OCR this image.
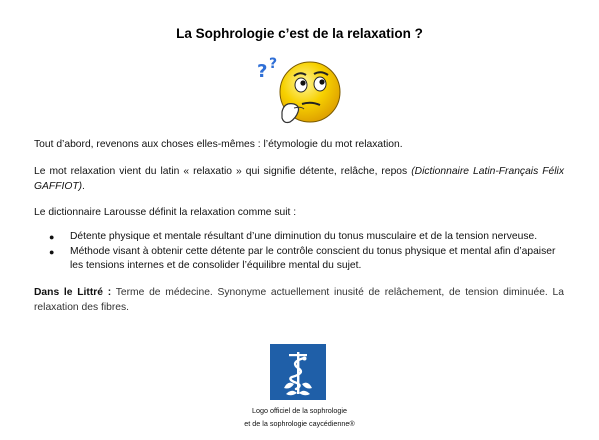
La Sophrologie c’est de la relaxation ?
? ?

Tout d’abord, revenons aux choses elles-mêmes : l’étymologie du mot relaxation.

Le mot relaxation vient du latin « relaxatio » qui signifie détente, relâche, repos (Dictionnaire Latin-Français Félix GAFFIOT).

Le dictionnaire Larousse définit la relaxation comme suit :

● Détente physique et mentale résultant d’une diminution du tonus musculaire et de la tension nerveuse.
● Méthode visant à obtenir cette détente par le contrôle conscient du tonus physique et mental afin d’apaiser les tensions internes et de consolider l’équilibre mental du sujet.

Dans le Littré : Terme de médecine. Synonyme actuellement inusité de relâchement, de tension diminuée. La relaxation des fibres.

Logo officiel de la sophrologie
et de la sophrologie caycédienne®
